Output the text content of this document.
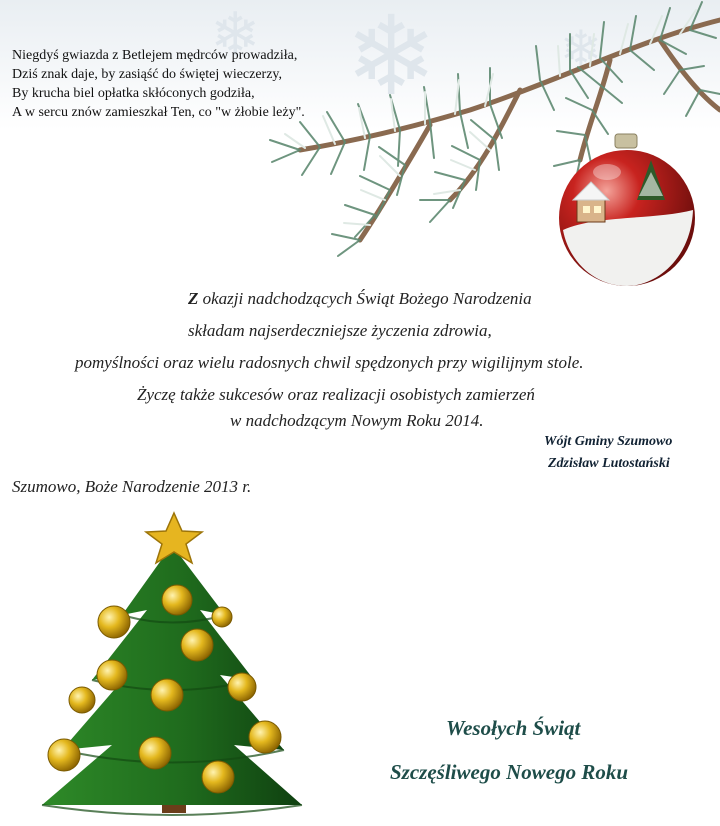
❄
❄	❄
Niegdyś gwiazda z Betlejem mędrców prowadziła,
Dziś znak daje, by zasiąść do świętej wieczerzy,
By krucha biel opłatka skłóconych godziła,
A w sercu znów zamieszkał Ten, co "w żłobie leży".
Z okazji nadchodzących Świąt Bożego Narodzenia
składam najserdeczniejsze życzenia zdrowia,
pomyślności oraz wielu radosnych chwil spędzonych przy wigilijnym stole.
Życzę także sukcesów oraz realizacji osobistych zamierzeń
w nadchodzącym Nowym Roku 2014.
Wójt Gminy Szumowo
Zdzisław Lutostański
Szumowo, Boże Narodzenie 2013 r.
Wesołych Świąt
Szczęśliwego Nowego Roku
